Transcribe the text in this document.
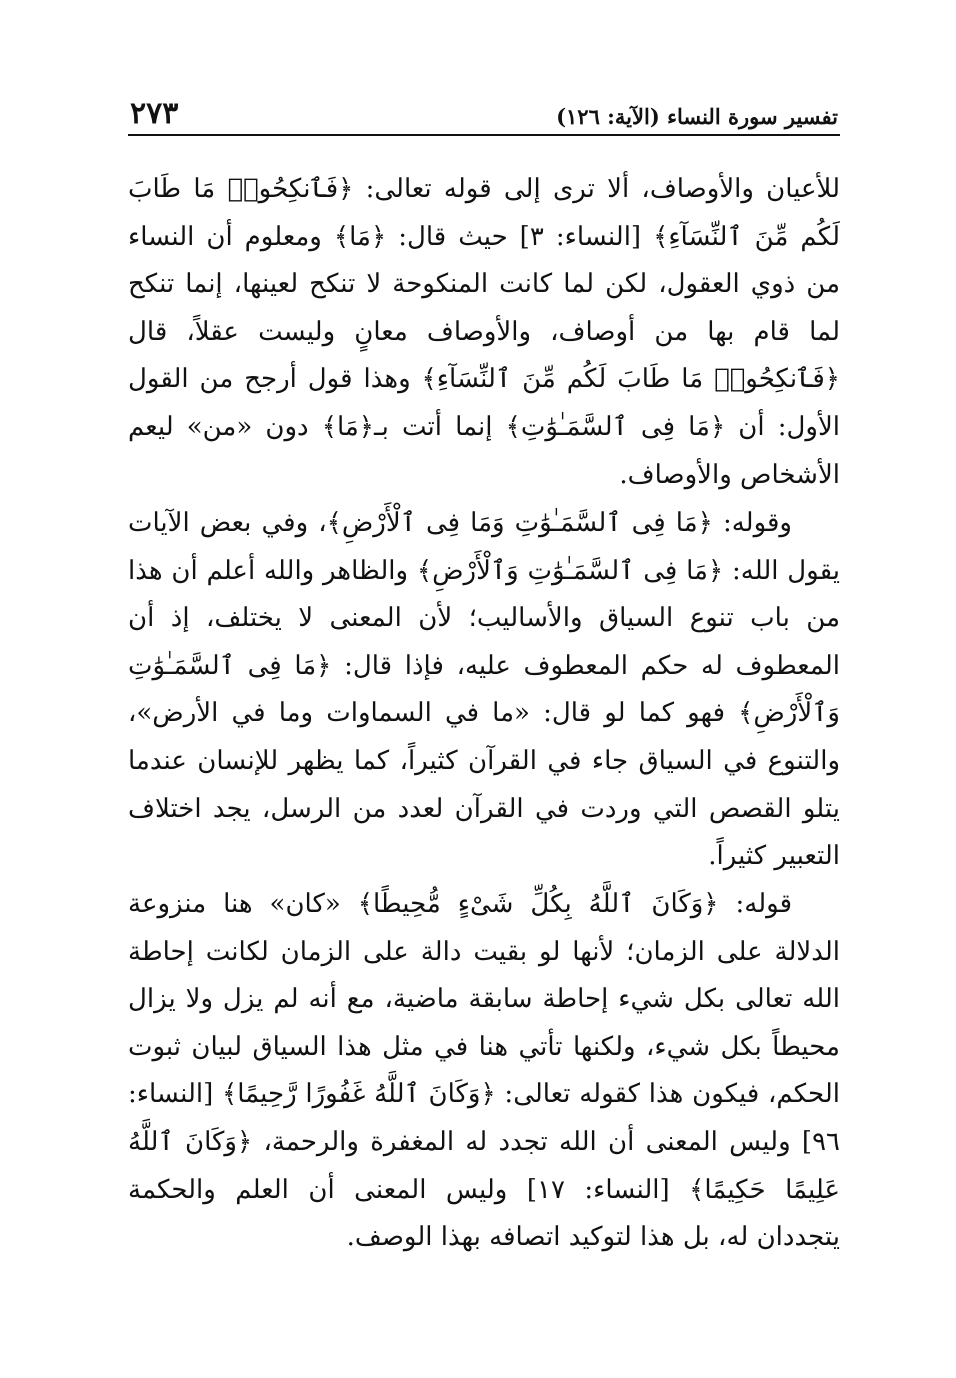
تفسير سورة النساء (الآية: ١٢٦)
٢٧٣

للأعيان والأوصاف، ألا ترى إلى قوله تعالى: ﴿فَٱنكِحُوا۟ مَا طَابَ لَكُم مِّنَ ٱلنِّسَآءِ﴾ [النساء: ٣] حيث قال: ﴿مَا﴾ ومعلوم أن النساء من ذوي العقول، لكن لما كانت المنكوحة لا تنكح لعينها، إنما تنكح لما قام بها من أوصاف، والأوصاف معانٍ وليست عقلاً، قال ﴿فَٱنكِحُوا۟ مَا طَابَ لَكُم مِّنَ ٱلنِّسَآءِ﴾ وهذا قول أرجح من القول الأول: أن ﴿مَا فِى ٱلسَّمَـٰوَٰتِ﴾ إنما أتت بـ﴿مَا﴾ دون «من» ليعم الأشخاص والأوصاف.

وقوله: ﴿مَا فِى ٱلسَّمَـٰوَٰتِ وَمَا فِى ٱلْأَرْضِ﴾، وفي بعض الآيات يقول الله: ﴿مَا فِى ٱلسَّمَـٰوَٰتِ وَٱلْأَرْضِ﴾ والظاهر والله أعلم أن هذا من باب تنوع السياق والأساليب؛ لأن المعنى لا يختلف، إذ أن المعطوف له حكم المعطوف عليه، فإذا قال: ﴿مَا فِى ٱلسَّمَـٰوَٰتِ وَٱلْأَرْضِ﴾ فهو كما لو قال: «ما في السماوات وما في الأرض»، والتنوع في السياق جاء في القرآن كثيراً، كما يظهر للإنسان عندما يتلو القصص التي وردت في القرآن لعدد من الرسل، يجد اختلاف التعبير كثيراً.

قوله: ﴿وَكَانَ ٱللَّهُ بِكُلِّ شَىْءٍ مُّحِيطًا﴾ «كان» هنا منزوعة الدلالة على الزمان؛ لأنها لو بقيت دالة على الزمان لكانت إحاطة الله تعالى بكل شيء إحاطة سابقة ماضية، مع أنه لم يزل ولا يزال محيطاً بكل شيء، ولكنها تأتي هنا في مثل هذا السياق لبيان ثبوت الحكم، فيكون هذا كقوله تعالى: ﴿وَكَانَ ٱللَّهُ غَفُورًا رَّحِيمًا﴾ [النساء: ٩٦] وليس المعنى أن الله تجدد له المغفرة والرحمة، ﴿وَكَانَ ٱللَّهُ عَلِيمًا حَكِيمًا﴾ [النساء: ١٧] وليس المعنى أن العلم والحكمة يتجددان له، بل هذا لتوكيد اتصافه بهذا الوصف.
